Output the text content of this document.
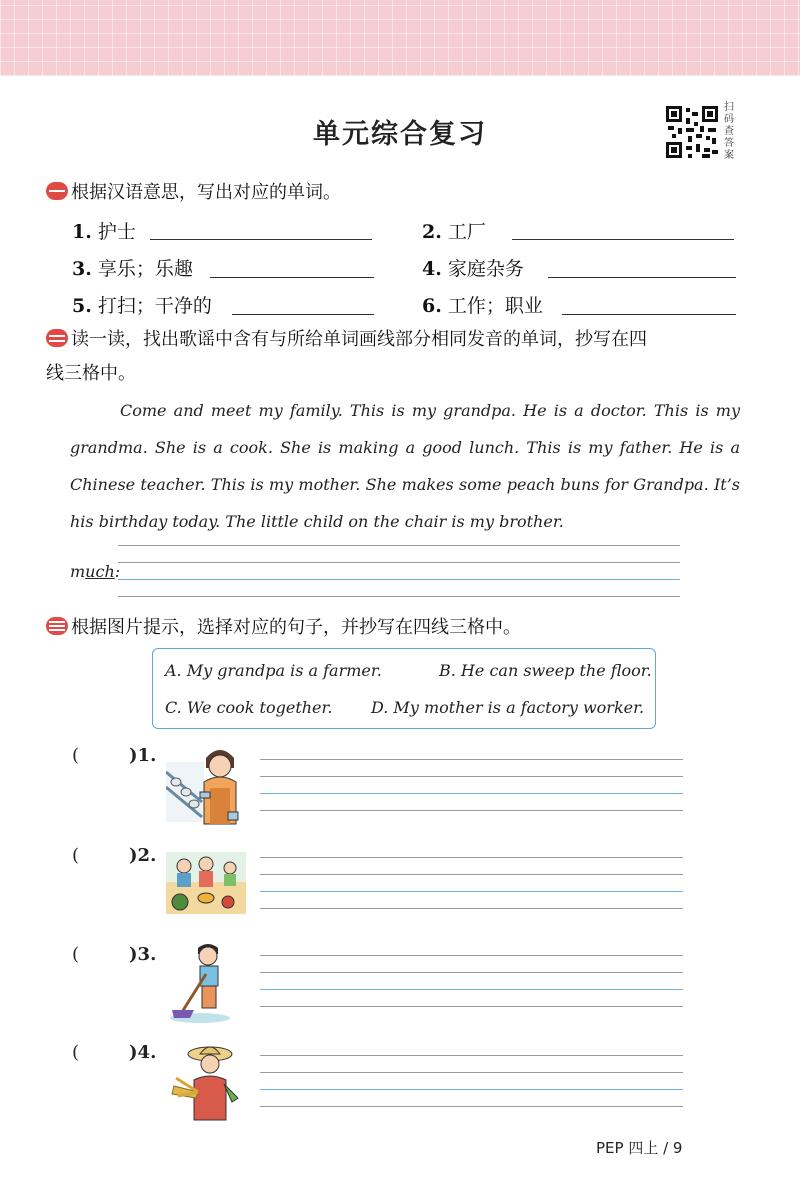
单元综合复习
扫码查答案
根据汉语意思，写出对应的单词。
1. 护士	2. 工厂
3. 享乐；乐趣	4. 家庭杂务
5. 打扫；干净的	6. 工作；职业
读一读，找出歌谣中含有与所给单词画线部分相同发音的单词，抄写在四
线三格中。
Come and meet my family. This is my grandpa. He is a doctor. This is my grandma. She is a cook. She is making a good lunch. This is my father. He is a Chinese teacher. This is my mother. She makes some peach buns for Grandpa. It’s his birthday today. The little child on the chair is my brother.
much:
根据图片提示，选择对应的句子，并抄写在四线三格中。
A. My grandpa is a farmer.	B. He can sweep the floor.
C. We cook together. D. My mother is a factory worker.
(	)1.
(	)2.
(	)3.
(	)4.
PEP 四上 / 9
